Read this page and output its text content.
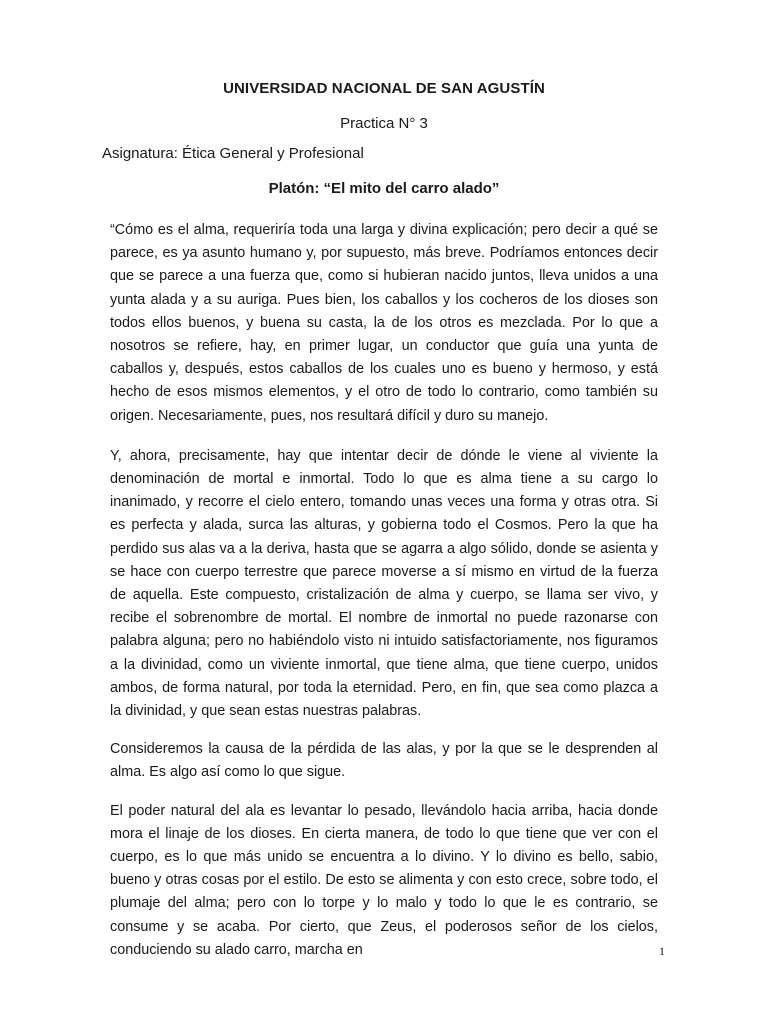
UNIVERSIDAD NACIONAL DE SAN AGUSTÍN
Practica N° 3
Asignatura: Ética General y Profesional
Platón: “El mito del carro alado”

“Cómo es el alma, requeriría toda una larga y divina explicación; pero decir a qué se parece, es ya asunto humano y, por supuesto, más breve. Podríamos entonces decir que se parece a una fuerza que, como si hubieran nacido juntos, lleva unidos a una yunta alada y a su auriga. Pues bien, los caballos y los cocheros de los dioses son todos ellos buenos, y buena su casta, la de los otros es mezclada. Por lo que a nosotros se refiere, hay, en primer lugar, un conductor que guía una yunta de caballos y, después, estos caballos de los cuales uno es bueno y hermoso, y está hecho de esos mismos elementos, y el otro de todo lo contrario, como también su origen. Necesariamente, pues, nos resultará difícil y duro su manejo.

Y, ahora, precisamente, hay que intentar decir de dónde le viene al viviente la denominación de mortal e inmortal. Todo lo que es alma tiene a su cargo lo inanimado, y recorre el cielo entero, tomando unas veces una forma y otras otra. Si es perfecta y alada, surca las alturas, y gobierna todo el Cosmos. Pero la que ha perdido sus alas va a la deriva, hasta que se agarra a algo sólido, donde se asienta y se hace con cuerpo terrestre que parece moverse a sí mismo en virtud de la fuerza de aquella. Este compuesto, cristalización de alma y cuerpo, se llama ser vivo, y recibe el sobrenombre de mortal. El nombre de inmortal no puede razonarse con palabra alguna; pero no habiéndolo visto ni intuido satisfactoriamente, nos figuramos a la divinidad, como un viviente inmortal, que tiene alma, que tiene cuerpo, unidos ambos, de forma natural, por toda la eternidad. Pero, en fin, que sea como plazca a la divinidad, y que sean estas nuestras palabras.

Consideremos la causa de la pérdida de las alas, y por la que se le desprenden al alma. Es algo así como lo que sigue.

El poder natural del ala es levantar lo pesado, llevándolo hacia arriba, hacia donde mora el linaje de los dioses. En cierta manera, de todo lo que tiene que ver con el cuerpo, es lo que más unido se encuentra a lo divino. Y lo divino es bello, sabio, bueno y otras cosas por el estilo. De esto se alimenta y con esto crece, sobre todo, el plumaje del alma; pero con lo torpe y lo malo y todo lo que le es contrario, se consume y se acaba. Por cierto, que Zeus, el poderosos señor de los cielos, conduciendo su alado carro, marcha en	1
